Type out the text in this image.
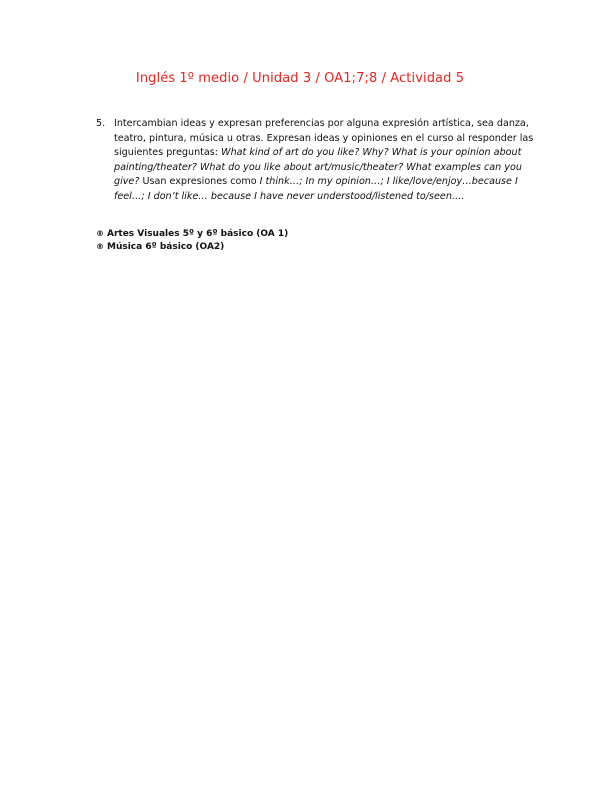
Inglés 1º medio / Unidad 3 / OA1;7;8 / Actividad 5
5. Intercambian ideas y expresan preferencias por alguna expresión artística, sea danza, teatro, pintura, música u otras. Expresan ideas y opiniones en el curso al responder las siguientes preguntas: What kind of art do you like? Why? What is your opinion about painting/theater? What do you like about art/music/theater? What examples can you give? Usan expresiones como I think…; In my opinion…; I like/love/enjoy…because I feel…; I don’t like… because I have never understood/listened to/seen….
® Artes Visuales 5º y 6º básico (OA 1)
® Música 6º básico (OA2)
